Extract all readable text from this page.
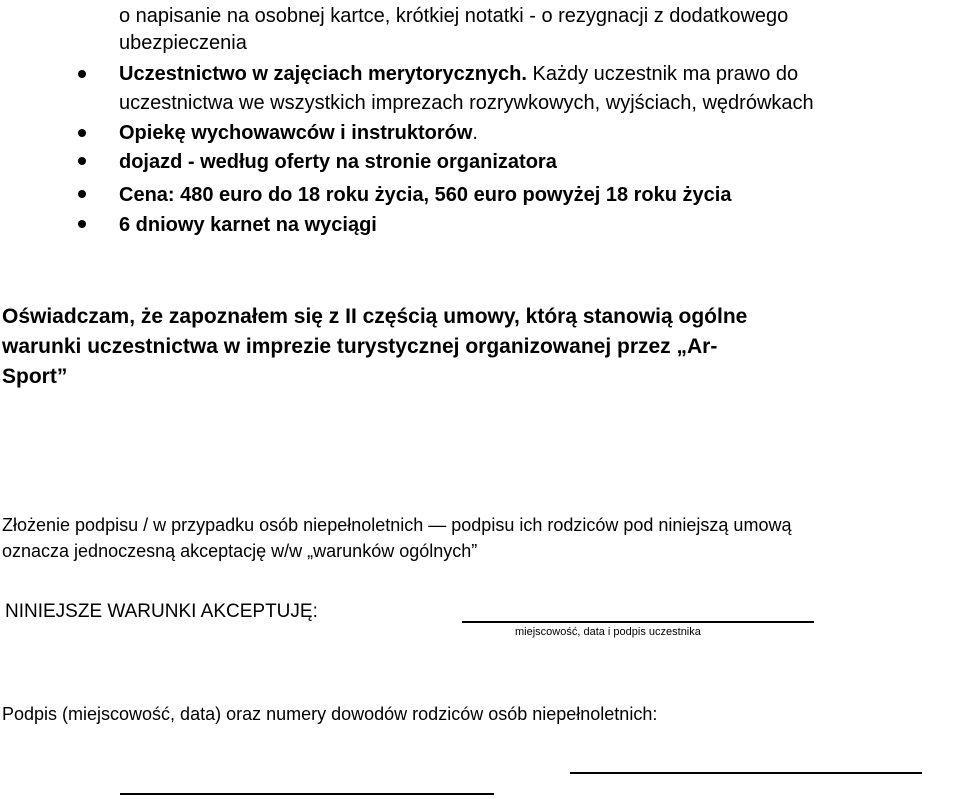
o napisanie na osobnej kartce, krótkiej notatki - o rezygnacji z dodatkowego
ubezpieczenia
Uczestnictwo w zajęciach merytorycznych. Każdy uczestnik ma prawo do
uczestnictwa we wszystkich imprezach rozrywkowych, wyjściach, wędrówkach
Opiekę wychowawców i instruktorów.
dojazd - według oferty na stronie organizatora
Cena: 480 euro do 18 roku życia, 560 euro powyżej 18 roku życia
6 dniowy karnet na wyciągi
Oświadczam, że zapoznałem się z II częścią umowy, którą stanowią ogólne
warunki uczestnictwa w imprezie turystycznej organizowanej przez „Ar-
Sport”
Złożenie podpisu / w przypadku osób niepełnoletnich — podpisu ich rodziców pod niniejszą umową
oznacza jednoczesną akceptację w/w „warunków ogólnych”
NINIEJSZE WARUNKI AKCEPTUJĘ:
miejscowość, data i podpis uczestnika
Podpis (miejscowość, data) oraz numery dowodów rodziców osób niepełnoletnich:
